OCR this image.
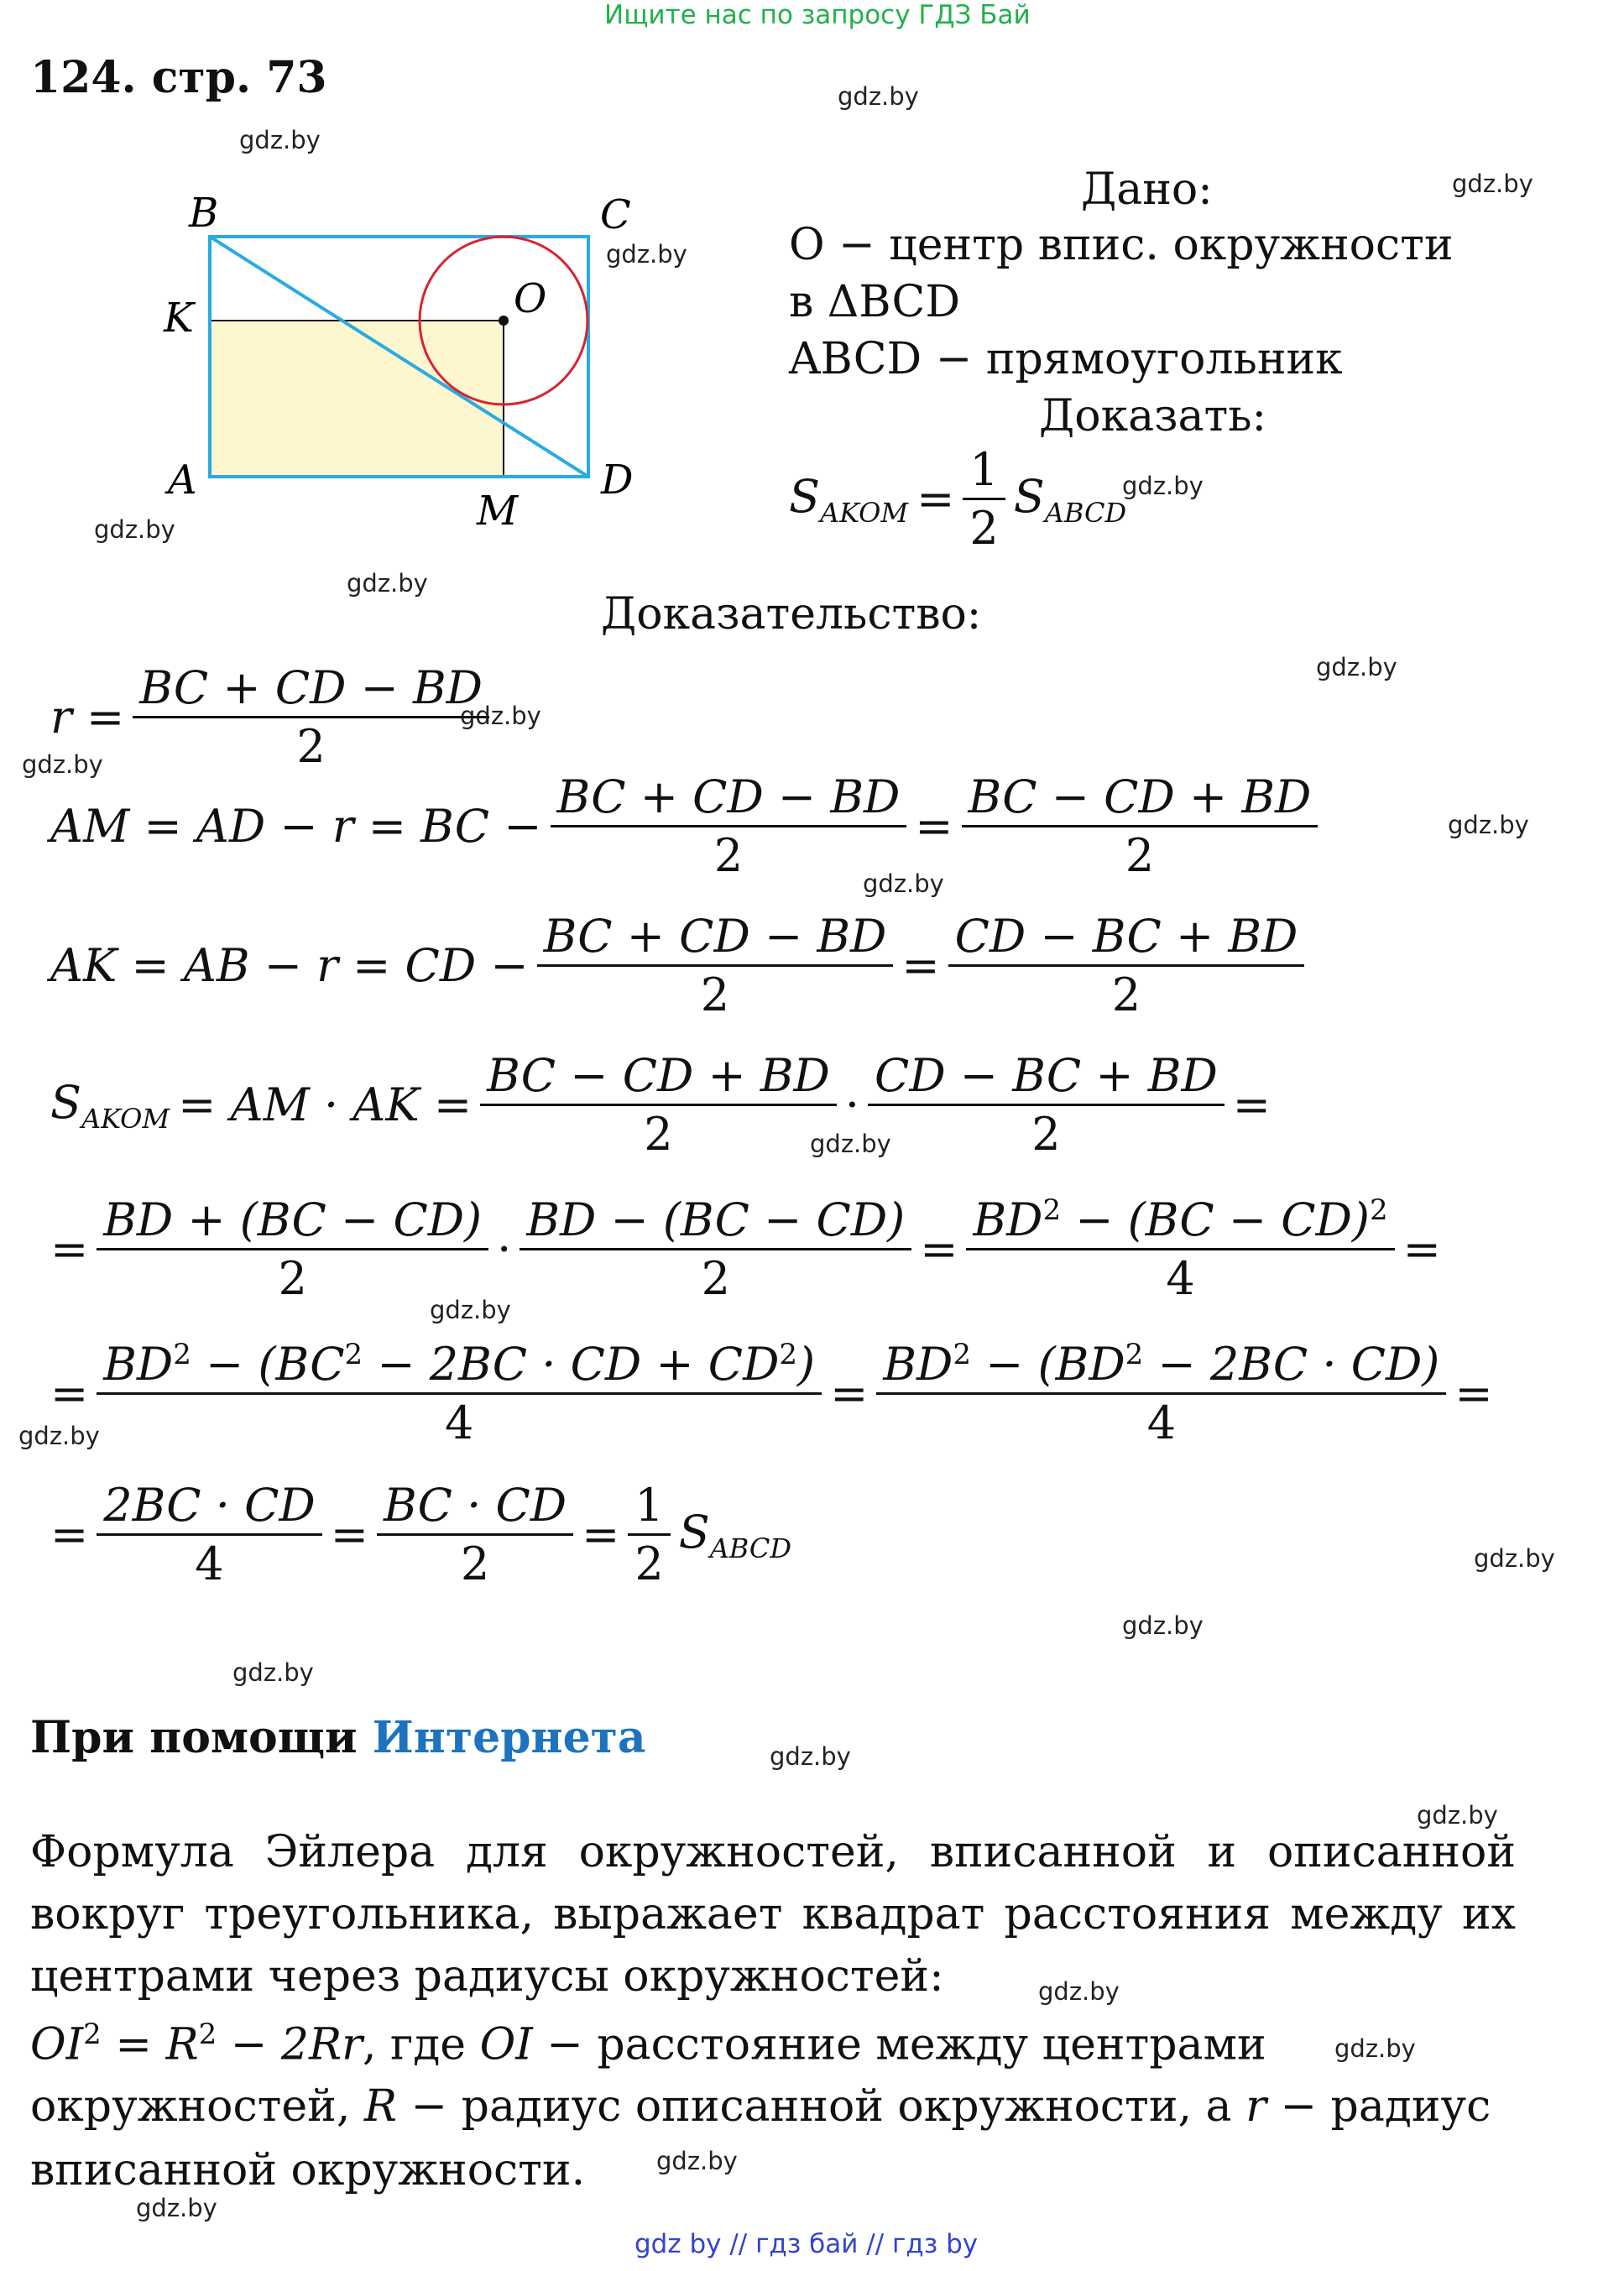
Ищите нас по запросу ГДЗ Бай
124. стр. 73	gdz.by
gdz.by
gdz.by
gdz.by
gdz.by
gdz.by
gdz.by
gdz.by
gdz.by
gdz.by
gdz.by
gdz.by
gdz.by
gdz.by
gdz.by
gdz.by
gdz.by
gdz.by
gdz.by
gdz.by
gdz.by
gdz.by
gdz.by
gdz.by
B	C
K	O
A
M
D
Дано:
O − центр впис. окружности
в ΔBCD
ABCD − прямоугольник
Доказать:
$S_{AKOM} = \frac{1}{2} S_{ABCD}$
Доказательство:
$r = \frac{BC + CD - BD}{2}$
AM = AD − r = BC − $\frac{BC + CD - BD}{2} = \frac{BC - CD + BD}{2}$
AK = AB − r = CD − $\frac{BC + CD - BD}{2} = \frac{CD - BC + BD}{2}$
$S_{AKOM}$ = AM · AK = $\frac{BC - CD + BD}{2} \cdot \frac{CD - BC + BD}{2}$ =
= $\frac{BD + (BC - CD)}{2} \cdot \frac{BD - (BC - CD)}{2} = \frac{BD^2 - (BC - CD)^2}{4}$ =
= $\frac{BD^2 - (BC^2 - 2BC \cdot CD + CD^2)}{4} = \frac{BD^2 - (BD^2 - 2BC \cdot CD)}{4}$ =
= $\frac{2BC \cdot CD}{4} = \frac{BC \cdot CD}{2} = \frac{1}{2} S_{ABCD}$
При помощи Интернета
Формула Эйлера для окружностей, вписанной и описанной вокруг треугольника, выражает квадрат расстояния между их центрами через радиусы окружностей:
$OI^2 = R^2 - 2Rr$, где OI − расстояние между центрами
окружностей, R − радиус описанной окружности, а r − радиус
вписанной окружности.
gdz by // гдз бай // гдз by
